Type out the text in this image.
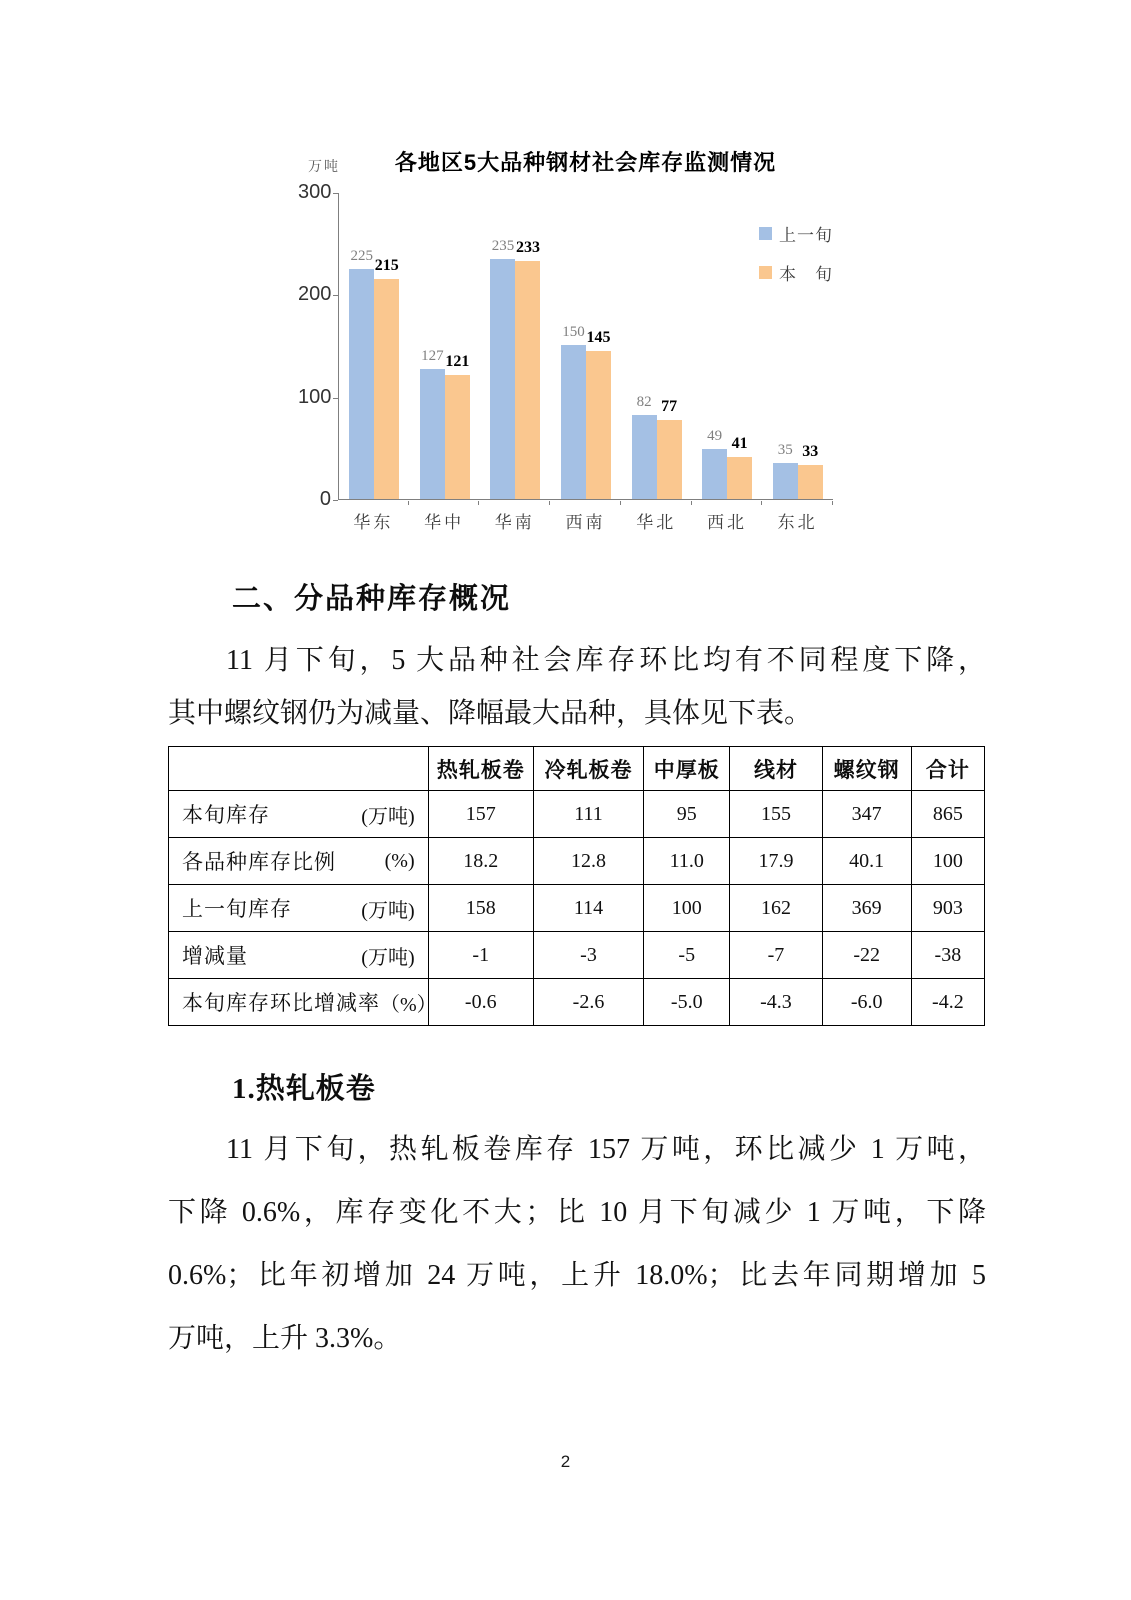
万吨	各地区5大品种钢材社会库存监测情况
300
200
100
0
225
215
127 121
235 233
150 145
82 77
49 41 35 33
上一旬
本　旬
华东	华中	华南	西南	华北	西北	东北
二、分品种库存概况
11 月下旬，5 大品种社会库存环比均有不同程度下降，
其中螺纹钢仍为减量、降幅最大品种，具体见下表。
	热轧板卷	冷轧板卷	中厚板	线材	螺纹钢	合计

本旬库存 (万吨)	157	111	95	155	347	865

各品种库存比例 (%)	18.2	12.8	11.0	17.9	40.1	100

上一旬库存 (万吨)	158	114	100	162	369	903

增减量 (万吨)	-1	-3	-5	-7	-22	-38

本旬库存环比增减率 （%）	-0.6	-2.6	-5.0	-4.3	-6.0	-4.2
1.热轧板卷
11 月下旬，热轧板卷库存 157 万吨，环比减少 1 万吨，
下降 0.6%，库存变化不大；比 10 月下旬减少 1 万吨，下降
0.6%；比年初增加 24 万吨，上升 18.0%；比去年同期增加 5
万吨，上升 3.3%。
2
